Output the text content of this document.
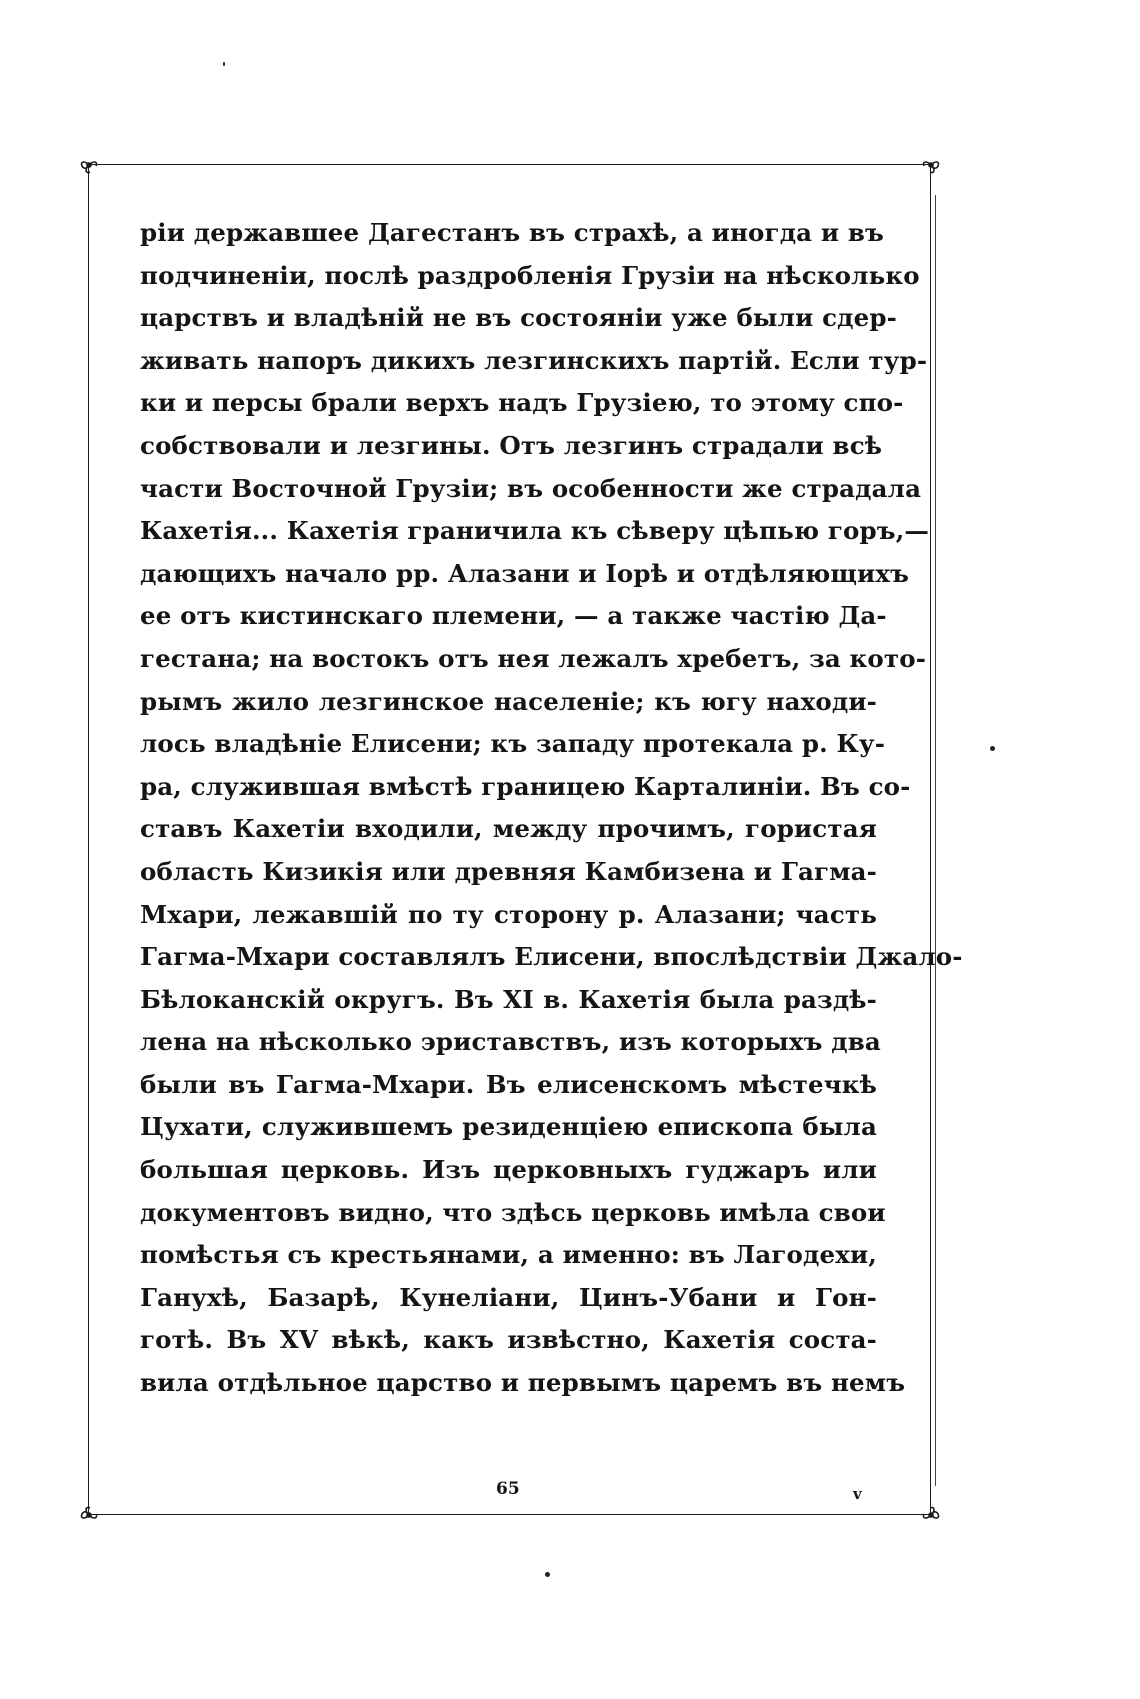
рiи державшее Дагестанъ въ страхѣ, а иногда и въ
подчиненiи, послѣ раздробленiя Грузiи на нѣсколько
царствъ и владѣнiй не въ состоянiи уже были сдер-
живать напоръ дикихъ лезгинскихъ партiй. Если тур-
ки и персы брали верхъ надъ Грузiею, то этому спо-
собствовали и лезгины. Отъ лезгинъ страдали всѣ
части Восточной Грузiи; въ особенности же страдала
Кахетiя... Кахетiя граничила къ сѣверу цѣпью горъ,—
дающихъ начало рр. Алазани и Iорѣ и отдѣляющихъ
ее отъ кистинскаго племени, — а также частiю Да-
гестана; на востокъ отъ нея лежалъ хребетъ, за кото-
рымъ жило лезгинское населенiе; къ югу находи-
лось владѣнiе Елисени; къ западу протекала р. Ку-
ра, служившая вмѣстѣ границею Карталинiи. Въ со-
ставъ Кахетiи входили, между прочимъ, гористая
область Кизикiя или древняя Камбизена и Гагма-
Мхари, лежавшiй по ту сторону р. Алазани; часть
Гагма-Мхари составлялъ Елисени, впослѣдствiи Джало-
Бѣлоканскiй округъ. Въ XI в. Кахетiя была раздѣ-
лена на нѣсколько эриставствъ, изъ которыхъ два
были въ Гагма-Мхари. Въ елисенскомъ мѣстечкѣ
Цухати, служившемъ резиденцiею епископа была
большая церковь. Изъ церковныхъ гуджаръ или
документовъ видно, что здѣсь церковь имѣла свои
помѣстья съ крестьянами, а именно: въ Лагодехи,
Ганухѣ, Базарѣ, Кунелiани, Цинъ-Убани и Гон-
готѣ. Въ XV вѣкѣ, какъ извѣстно, Кахетiя соста-
вила отдѣльное царство и первымъ царемъ въ немъ
65	v
